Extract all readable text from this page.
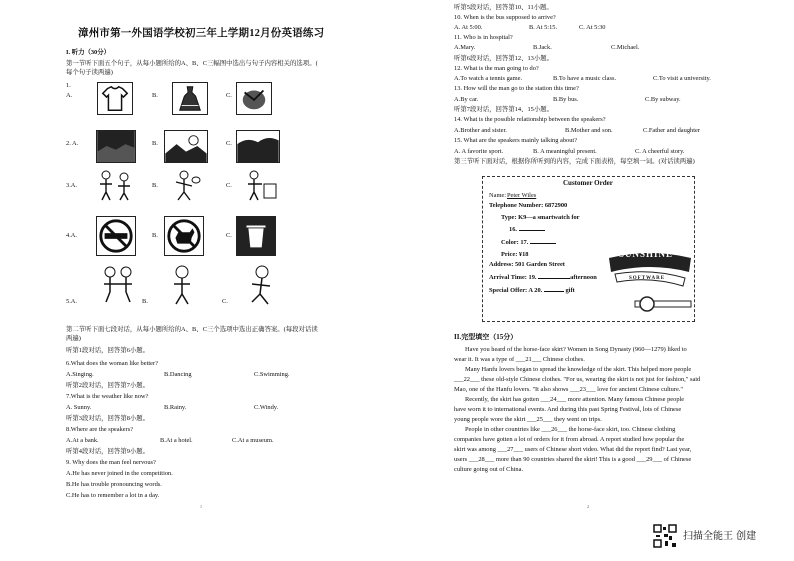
漳州市第一外国语学校初三年上学期12月份英语练习
I. 听力（30分）
第一节听下面五个句子，从每小题所给的A、B、C三幅图中选出与句子内容相关的选项。(
每个句子读两遍)
1.
A.	B.	C.
2. A.	B.	C.
3.A.	B.	C.
4.A.	B.	C.
5.A.	B.	C.
第二节听下面七段对话，从每小题所给的A、B、C三个选项中选出正确答案。(每段对话读
两遍)
听第1段对话，回答第6小题。
6.What does the woman like better?
A.Singing.	B.Dancing	C.Swimming.
听第2段对话，回答第7小题。
7.What is the weather like now?
A. Sunny.	B.Rainy.	C.Windy.
听第3段对话，回答第8小题。
8.Where are the speakers?
A.At a bank.	B.At a hotel.	C.At a museum.
听第4段对话，回答第9小题。
9. Why does the man feel nervous?
A.He has never joined in the competition.
B.He has trouble pronouncing words.
C.He has to remember a lot in a day.
1
听第5段对话，回答第10、11小题。
10. When is the bus supposed to arrive?
A. At 5:00.	B. At 5:15.	C. At 5:30
11. Who is in hospital?
A.Mary.	B.Jack.	C.Michael.
听第6段对话，回答第12、13小题。
12. What is the man going to do?
A.To watch a tennis game.	B.To have a music class.	C.To visit a university.
13. How will the man go to the station this time?
A.By car.	B.By bus.	C.By subway.
听第7段对话，回答第14、15小题。
14. What is the possible relationship between the speakers?
A.Brother and sister.	B.Mother and son.	C.Father and daughter
15. What are the speakers mainly talking about?
A. A favorite sport.	B. A meaningful present.	C. A cheerful story.
第三节听下面对话，根据你所听到的内容，完成下面表格，每空填一词。(对话读两遍)
Customer Order
Name: Peter Wiles
Telephone Number: 6872900
Type: K9—a smartwatch for
16.
Color: 17.
Price: ¥18
Address: 501 Garden Street
Arrival Time: 19.	afternoon
Special Offer: A 20.	gift
SUNSHINE
SOFTWARE
II.完型填空（15分）
Have you heard of the horse-face skirt? Women in Song Dynasty (960—1279) liked to
wear it. It was a type of ___21___ Chinese clothes.
Many Hanfu lovers began to spread the knowledge of the skirt. This helped more people
___22___ these old-style Chinese clothes. "For us, wearing the skirt is not just for fashion," said
Mao, one of the Hanfu lovers. "It also shows ___23___ love for ancient Chinese culture."
Recently, the skirt has gotten ___24___ more attention. Many famous Chinese people
have worn it to international events. And during this past Spring Festival, lots of Chinese
young people wore the skirt ___25___ they went on trips.
People in other countries like ___26___ the horse-face skirt, too. Chinese clothing
companies have gotten a lot of orders for it from abroad. A report studied how popular the
skirt was among ___27___ users of Chinese short video. What did the report find? Last year,
users ___28___ more than 90 countries shared the skirt! This is a good ___29___ of Chinese
culture going out of China.
2
扫描全能王 创建
